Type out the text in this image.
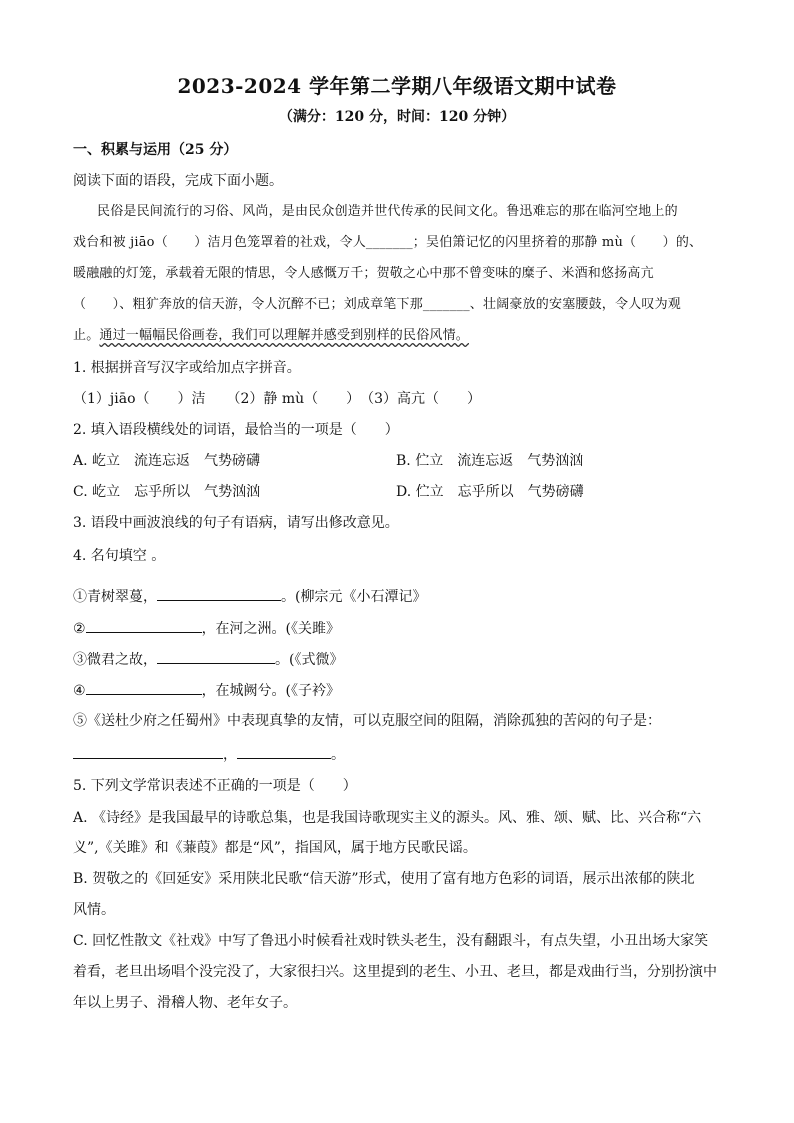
2023-2024 学年第二学期八年级语文期中试卷
（满分：120 分，时间：120 分钟）
一、积累与运用（25 分）
阅读下面的语段，完成下面小题。
民俗是民间流行的习俗、风尚，是由民众创造并世代传承的民间文化。鲁迅难忘的那在临河空地上的
戏台和被 jiāo（　　）洁月色笼罩着的社戏，令人_______；吴伯箫记忆的闪里挤着的那静 mù（　　）的、
暖融融的灯笼，承载着无限的情思，令人感慨万千；贺敬之心中那不曾变味的糜子、米酒和悠扬高亢
（　　）、粗犷奔放的信天游，令人沉醉不已；刘成章笔下那_______、壮阔豪放的安塞腰鼓，令人叹为观
止。通过一幅幅民俗画卷，我们可以理解并感受到别样的民俗风情。
1. 根据拼音写汉字或给加点字拼音。
（1）jiāo（　　）洁　　（2）静 mù（　　）　（3）高亢（　　）
2. 填入语段横线处的词语，最恰当的一项是（　　）
A. 屹立　流连忘返　气势磅礴	B. 伫立　流连忘返　气势汹汹
C. 屹立　忘乎所以　气势汹汹	D. 伫立　忘乎所以　气势磅礴
3. 语段中画波浪线的句子有语病，请写出修改意见。
4. 名句填空 。
①青树翠蔓，	。(柳宗元《小石潭记》
②	，在河之洲。(《关雎》
③微君之故，	。(《式微》
④	，在城阙兮。(《子衿》
⑤《送杜少府之任蜀州》中表现真挚的友情，可以克服空间的阻隔，消除孤独的苦闷的句子是：
，	。
5. 下列文学常识表述不正确的一项是（　　）
A. 《诗经》是我国最早的诗歌总集，也是我国诗歌现实主义的源头。风、雅、颂、赋、比、兴合称“六
义”,《关雎》和《蒹葭》都是“风”，指国风，属于地方民歌民谣。
B. 贺敬之的《回延安》采用陕北民歌“信天游”形式，使用了富有地方色彩的词语，展示出浓郁的陕北
风情。
C. 回忆性散文《社戏》中写了鲁迅小时候看社戏时铁头老生，没有翻跟斗，有点失望，小丑出场大家笑
着看，老旦出场唱个没完没了，大家很扫兴。这里提到的老生、小丑、老旦，都是戏曲行当，分别扮演中
年以上男子、滑稽人物、老年女子。
